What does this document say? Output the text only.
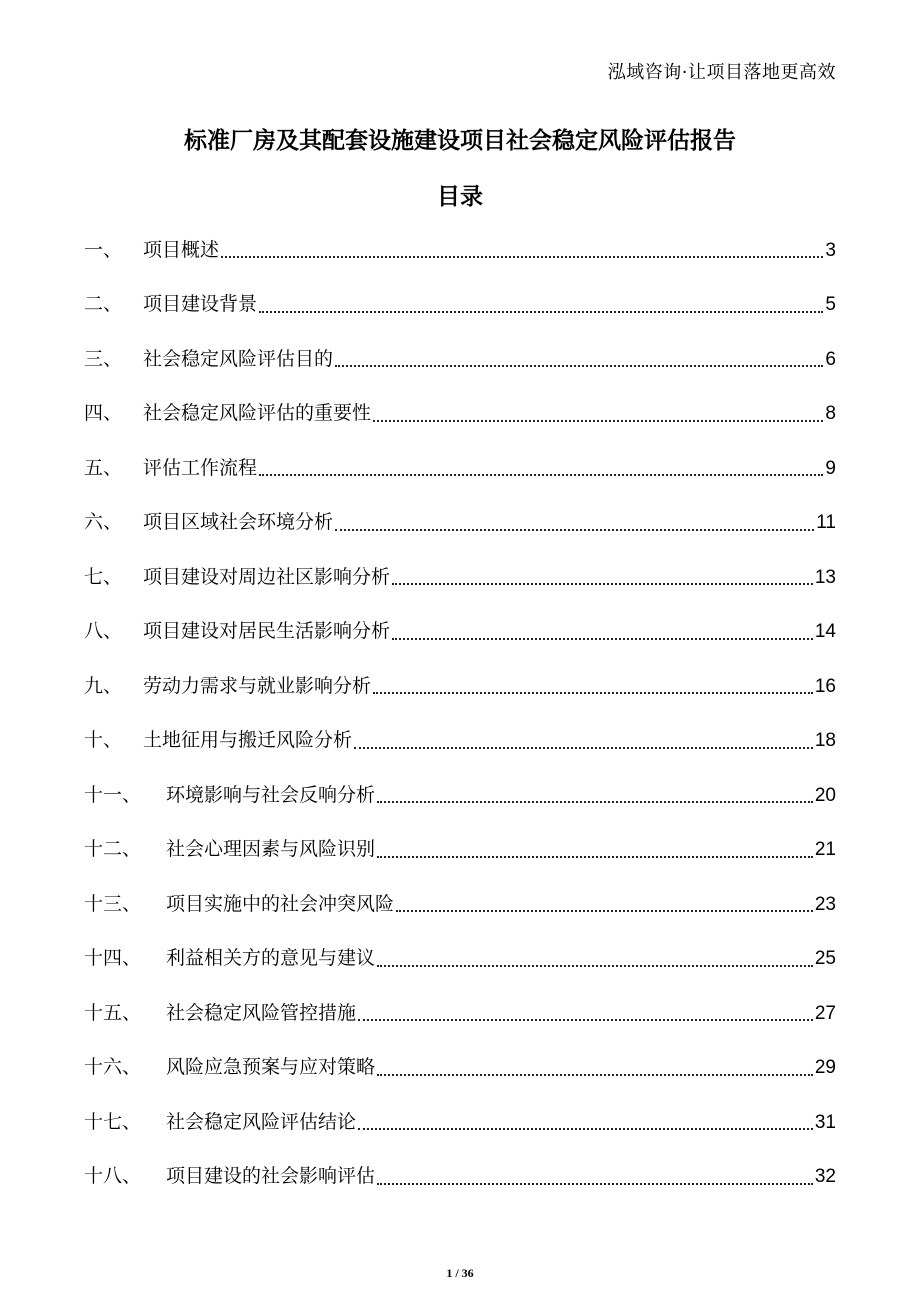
泓域咨询·让项目落地更高效
标准厂房及其配套设施建设项目社会稳定风险评估报告
目录
一、	项目概述	3
二、	项目建设背景	5
三、	社会稳定风险评估目的	6
四、	社会稳定风险评估的重要性	8
五、	评估工作流程	9
六、	项目区域社会环境分析	11
七、	项目建设对周边社区影响分析	13
八、	项目建设对居民生活影响分析	14
九、	劳动力需求与就业影响分析	16
十、	土地征用与搬迁风险分析	18
十一、	环境影响与社会反响分析	20
十二、	社会心理因素与风险识别	21
十三、	项目实施中的社会冲突风险	23
十四、	利益相关方的意见与建议	25
十五、	社会稳定风险管控措施	27
十六、	风险应急预案与应对策略	29
十七、	社会稳定风险评估结论	31
十八、	项目建设的社会影响评估	32
1 / 36
